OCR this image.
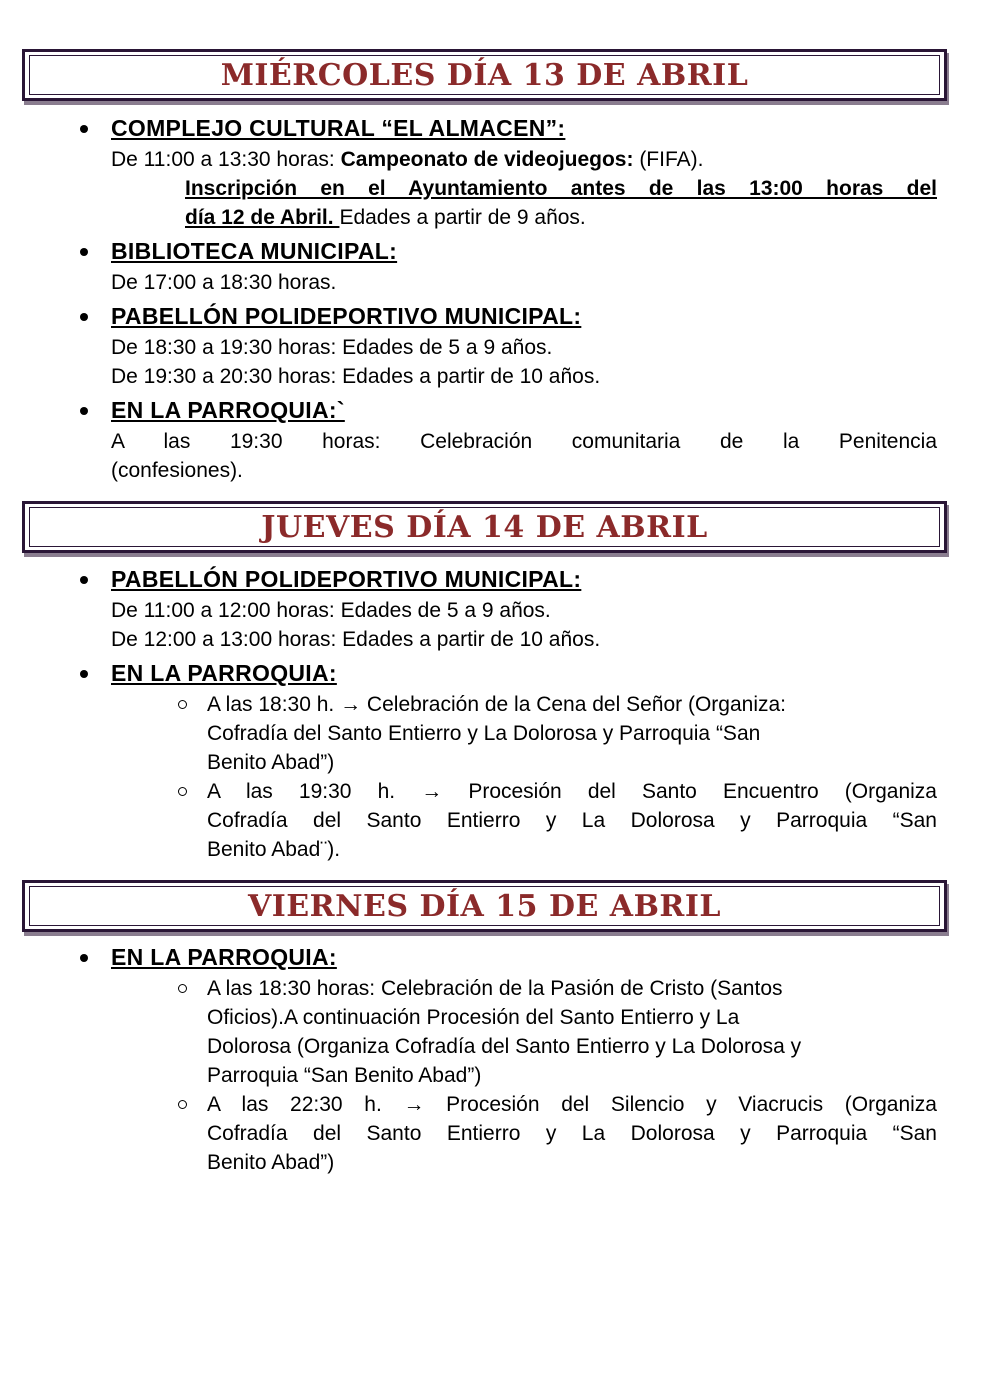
MIÉRCOLES DÍA 13 DE ABRIL
COMPLEJO CULTURAL “EL ALMACEN”:
De 11:00 a 13:30 horas: Campeonato de videojuegos: (FIFA).
Inscripción en el Ayuntamiento antes de las 13:00 horas del
día 12 de Abril. Edades a partir de 9 años.
BIBLIOTECA MUNICIPAL:
De 17:00 a 18:30 horas.
PABELLÓN POLIDEPORTIVO MUNICIPAL:
De 18:30 a 19:30 horas: Edades de 5 a 9 años.
De 19:30 a 20:30 horas: Edades a partir de 10 años.
EN LA PARROQUIA:`
A las 19:30 horas: Celebración comunitaria de la Penitencia
(confesiones).
JUEVES DÍA 14 DE ABRIL
PABELLÓN POLIDEPORTIVO MUNICIPAL:
De 11:00 a 12:00 horas: Edades de 5 a 9 años.
De 12:00 a 13:00 horas: Edades a partir de 10 años.
EN LA PARROQUIA:
A las 18:30 h. → Celebración de la Cena del Señor (Organiza:
Cofradía del Santo Entierro y La Dolorosa y Parroquia “San
Benito Abad”)
A las 19:30 h. → Procesión del Santo Encuentro (Organiza
Cofradía del Santo Entierro y La Dolorosa y Parroquia “San
Benito Abad¨).
VIERNES DÍA 15 DE ABRIL
EN LA PARROQUIA:
A las 18:30 horas: Celebración de la Pasión de Cristo (Santos
Oficios).A continuación Procesión del Santo Entierro y La
Dolorosa (Organiza Cofradía del Santo Entierro y La Dolorosa y
Parroquia “San Benito Abad”)
A las 22:30 h. → Procesión del Silencio y Viacrucis (Organiza
Cofradía del Santo Entierro y La Dolorosa y Parroquia “San
Benito Abad”)
